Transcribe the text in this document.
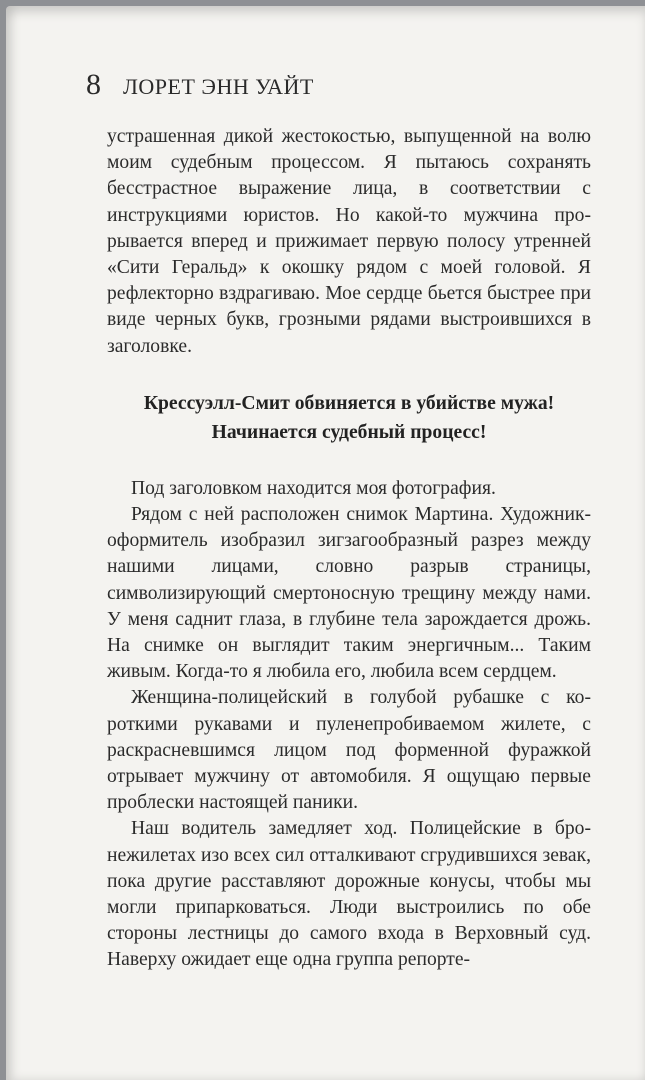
8 ЛОРЕТ ЭНН УАЙТ

устрашенная дикой жестокостью, выпущенной на волю моим судебным процессом. Я пытаюсь сохранять бесстрастное выражение лица, в соответствии с инструкциями юристов. Но какой-то мужчина прорывается вперед и прижимает первую полосу утренней «Сити Геральд» к окошку рядом с моей головой. Я рефлекторно вздрагиваю. Мое сердце бьется быстрее при виде черных букв, грозными рядами выстроившихся в заголовке.

Крессуэлл-Смит обвиняется в убийстве мужа!
Начинается судебный процесс!

Под заголовком находится моя фотография.

Рядом с ней расположен снимок Мартина. Художник-оформитель изобразил зигзагообразный разрез между нашими лицами, словно разрыв страницы, символизирующий смертоносную трещину между нами. У меня саднит глаза, в глубине тела зарождается дрожь. На снимке он выглядит таким энергичным... Таким живым. Когда-то я любила его, любила всем сердцем.

Женщина-полицейский в голубой рубашке с короткими рукавами и пуленепробиваемом жилете, с раскрасневшимся лицом под форменной фуражкой отрывает мужчину от автомобиля. Я ощущаю первые проблески настоящей паники.

Наш водитель замедляет ход. Полицейские в бронежилетах изо всех сил отталкивают сгрудившихся зевак, пока другие расставляют дорожные конусы, чтобы мы могли припарковаться. Люди выстроились по обе стороны лестницы до самого входа в Верховный суд. Наверху ожидает еще одна группа репорте-
